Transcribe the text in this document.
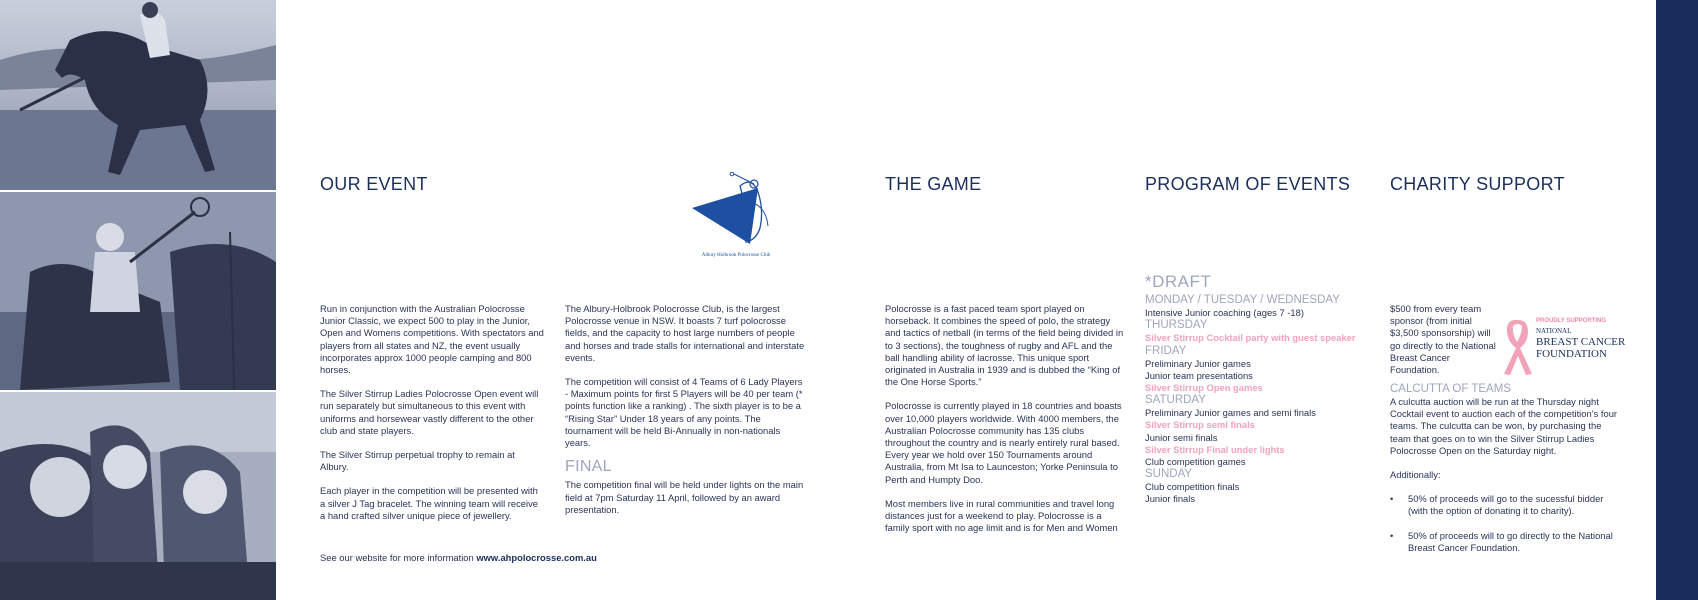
OUR EVENT
Albury Holbrook Polocrosse Club

Run in conjunction with the Australian Polocrosse Junior Classic, we expect 500 to play in the Junior, Open and Womens competitions. With spectators and players from all states and NZ, the event usually incorporates approx 1000 people camping and 800 horses.

The Silver Stirrup Ladies Polocrosse Open event will run separately but simultaneous to this event with uniforms and horsewear vastly different to the other club and state players.

The Silver Stirrup perpetual trophy to remain at Albury.

Each player in the competition will be presented with a silver J Tag bracelet. The winning team will receive a hand crafted silver unique piece of jewellery.

See our website for more information www.ahpolocrosse.com.au

The Albury-Holbrook Polocrosse Club, is the largest Polocrosse venue in NSW. It boasts 7 turf polocrosse fields, and the capacity to host large numbers of people and horses and trade stalls for international and interstate events.

The competition will consist of 4 Teams of 6 Lady Players - Maximum points for first 5 Players will be 40 per team (* points function like a ranking) . The sixth player is to be a “Rising Star” Under 18 years of any points. The tournament will be held Bi-Annually in non-nationals years.

FINAL

The competition final will be held under lights on the main field at 7pm Saturday 11 April, followed by an award presentation.

THE GAME

Polocrosse is a fast paced team sport played on horseback. It combines the speed of polo, the strategy and tactics of netball (in terms of the field being divided in to 3 sections), the toughness of rugby and AFL and the ball handling ability of lacrosse. This unique sport originated in Australia in 1939 and is dubbed the “King of the One Horse Sports.”

Polocrosse is currently played in 18 countries and boasts over 10,000 players worldwide. With 4000 members, the Australian Polocrosse community has 135 clubs throughout the country and is nearly entirely rural based. Every year we hold over 150 Tournaments around Australia, from Mt Isa to Launceston; Yorke Peninsula to Perth and Humpty Doo.

Most members live in rural communities and travel long distances just for a weekend to play. Polocrosse is a family sport with no age limit and is for Men and Women

PROGRAM OF EVENTS
*DRAFT
MONDAY / TUESDAY / WEDNESDAY
Intensive Junior coaching (ages 7 -18)
THURSDAY
Silver Stirrup Cocktail party with guest speaker
FRIDAY
Preliminary Junior games
Junior team presentations
Silver Stirrup Open games
SATURDAY
Preliminary Junior games and semi finals
Silver Stirrup semi finals
Junior semi finals
Silver Stirrup Final under lights
Club competition games
SUNDAY
Club competition finals
Junior finals
CHARITY SUPPORT
$500 from every team sponsor (from initial $3,500 sponsorship) will go directly to the National Breast Cancer Foundation.
PROUDLY SUPPORTING
NATIONAL
BREAST CANCER
FOUNDATION
CALCUTTA OF TEAMS

A culcutta auction will be run at the Thursday night Cocktail event to auction each of the competition’s four teams. The culcutta can be won, by purchasing the team that goes on to win the Silver Stirrup Ladies Polocrosse Open on the Saturday night.

Additionally:

• 50% of proceeds will go to the sucessful bidder (with the option of donating it to charity).
• 50% of proceeds will to go directly to the National Breast Cancer Foundation.
